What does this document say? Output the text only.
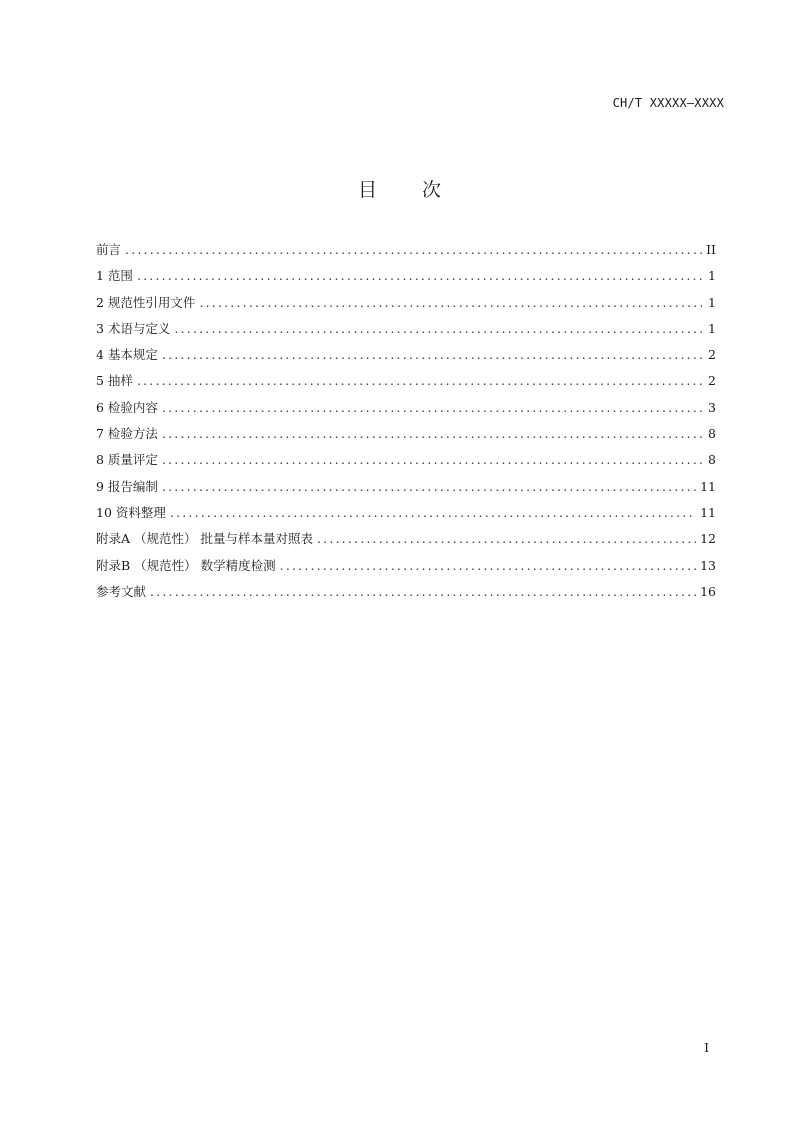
CH/T XXXXX—XXXX
目 次
前言 .....	II
1 范围 .....	1
2 规范性引用文件 .....	1
3 术语与定义 .....	1
4 基本规定 .....	2
5 抽样 .....	2
6 检验内容 .....	3
7 检验方法 .....	8
8 质量评定 .....	8
9 报告编制 .....	11
10 资料整理 .....	11
附录A （规范性） 批量与样本量对照表 .....	12
附录B （规范性） 数学精度检测 .....	13
参考文献 .....	16
I
